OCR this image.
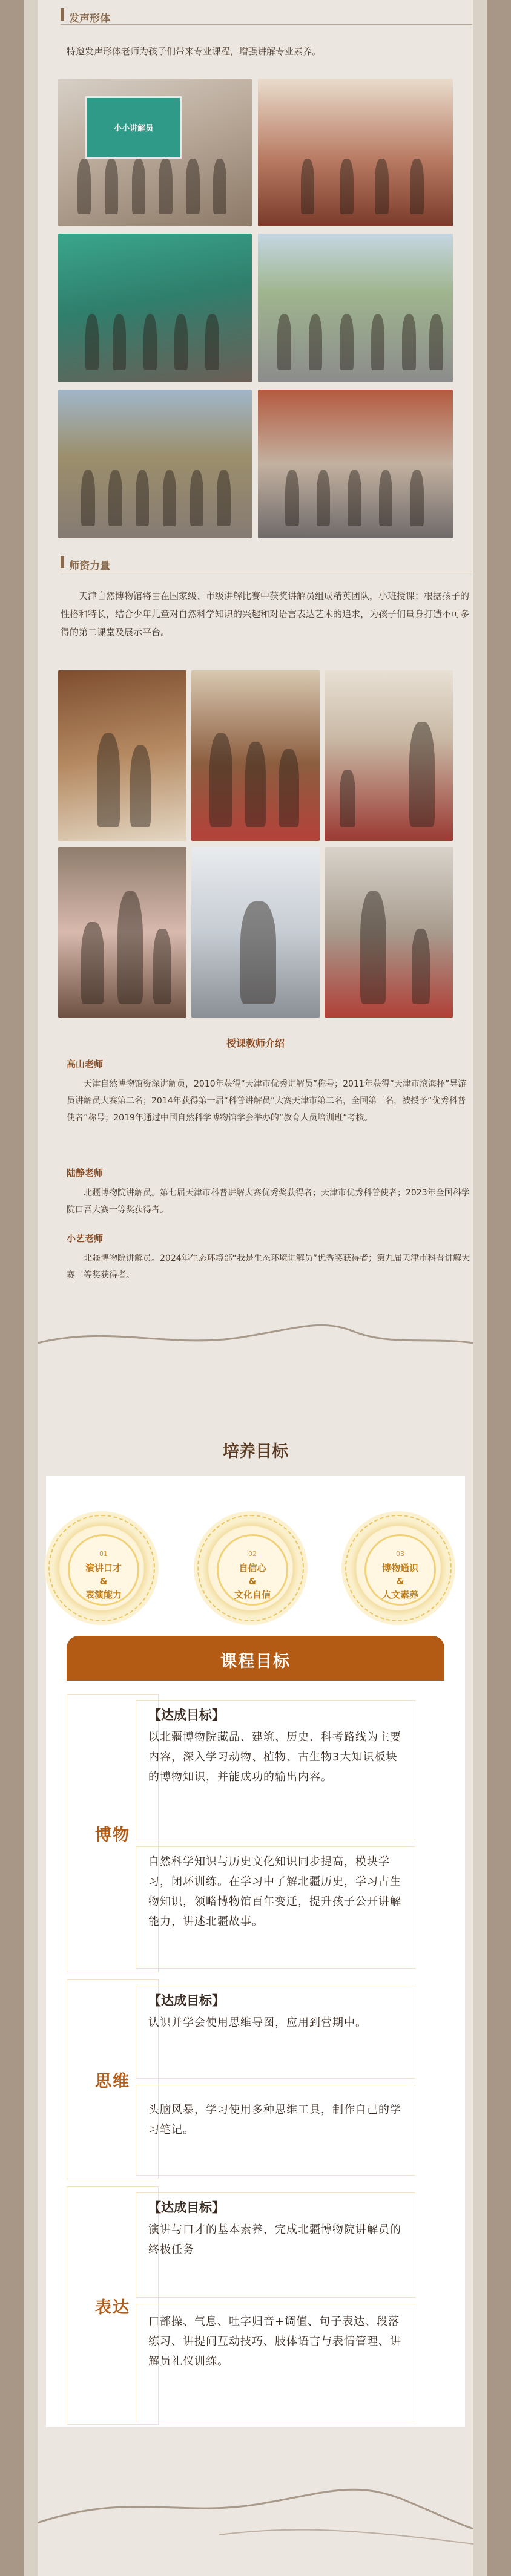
发声形体
特邀发声形体老师为孩子们带来专业课程，增强讲解专业素养。
小小讲解员
师资力量
天津自然博物馆将由在国家级、市级讲解比赛中获奖讲解员组成精英团队，小班授课；根据孩子的性格和特长，结合少年儿童对自然科学知识的兴趣和对语言表达艺术的追求，为孩子们量身打造不可多得的第二课堂及展示平台。
授课教师介绍
高山老师
天津自然博物馆资深讲解员，2010年获得“天津市优秀讲解员”称号；2011年获得“天津市滨海杯”导游员讲解员大赛第二名；2014年获得第一届“科普讲解员”大赛天津市第二名，全国第三名，被授予“优秀科普使者”称号；2019年通过中国自然科学博物馆学会举办的“教育人员培训班”考核。
陆静老师
北疆博物院讲解员。第七届天津市科普讲解大赛优秀奖获得者；天津市优秀科普使者；2023年全国科学院口吾大赛一等奖获得者。
小艺老师
北疆博物院讲解员。2024年生态环境部“我是生态环境讲解员”优秀奖获得者；第九届天津市科普讲解大赛二等奖获得者。
培养目标
01
演讲口才
&
表演能力
02
自信心
&
文化自信
03
博物通识
&
人文素养
课程目标
博物
【达成目标】
以北疆博物院藏品、建筑、历史、科考路线为主要内容，深入学习动物、植物、古生物3大知识板块的博物知识，并能成功的输出内容。
自然科学知识与历史文化知识同步提高，模块学习，闭环训练。在学习中了解北疆历史，学习古生物知识，领略博物馆百年变迁，提升孩子公开讲解能力，讲述北疆故事。
思维
【达成目标】
认识并学会使用思维导图，应用到营期中。
头脑风暴，学习使用多种思维工具，制作自己的学习笔记。
表达
【达成目标】
演讲与口才的基本素养，完成北疆博物院讲解员的终极任务
口部操、气息、吐字归音+调值、句子表达、段落练习、讲提问互动技巧、肢体语言与表情管理、讲解员礼仪训练。
